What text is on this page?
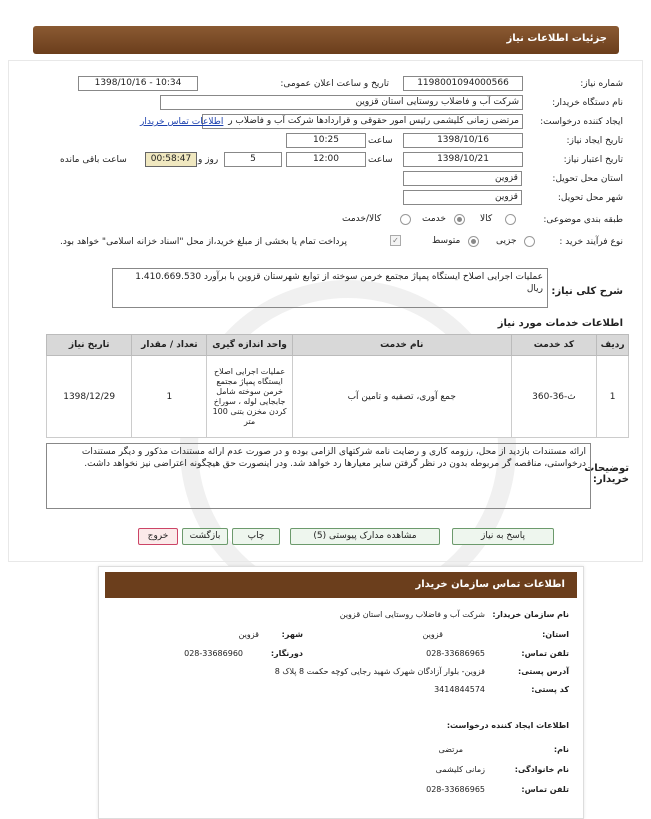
جزئیات اطلاعات نیاز
شماره نیاز:
1198001094000566
تاریخ و ساعت اعلان عمومی:
1398/10/16 - 10:34
نام دستگاه خریدار:
شرکت آب و فاضلاب روستایی استان قزوین
ایجاد کننده درخواست:
مرتضی زمانی کلیشمی رئیس امور حقوقی و قراردادها شرکت آب و فاضلاب ر
اطلاعات تماس خریدار
تاریخ ایجاد نیاز:
1398/10/16
ساعت
10:25
تاریخ اعتبار نیاز:
1398/10/21
ساعت
12:00
5
روز و
00:58:47
ساعت باقی مانده
استان محل تحویل:
قزوین
شهر محل تحویل:
قزوین
طبقه بندی موضوعی:
کالا
خدمت
کالا/خدمت
نوع فرآیند خرید :
جزیی
متوسط
✓
پرداخت تمام یا بخشی از مبلغ خرید،از محل "اسناد خزانه اسلامی" خواهد بود.
شرح کلی نیاز:
عملیات اجرایی اصلاح ایستگاه پمپاژ مجتمع خرمن سوخته از توابع شهرستان قزوین با برآورد 1.410.669.530 ریال
اطلاعات خدمات مورد نیاز
ردیف	کد خدمت	نام خدمت	واحد اندازه گیری	تعداد / مقدار	تاریخ نیاز
1	ث-36-360	جمع آوری، تصفیه و تامین آب	عملیات اجرایی اصلاح ایستگاه پمپاژ مجتمع خرمن سوخته شامل جابجایی لوله ، سوراخ کردن مخزن بتنی 100 متر	1	1398/12/29
توضیحات خریدار:
ارائه مستندات بازدید از محل، رزومه کاری و رضایت نامه شرکتهای الزامی بوده و در صورت عدم ارائه مستندات مذکور و دیگر مستندات درخواستی، مناقصه گر مربوطه بدون در نظر گرفتن سایر معیارها رد خواهد شد. ودر اینصورت حق هیچگونه اعتراضی نیز نخواهد داشت.
پاسخ به نیاز
مشاهده مدارک پیوستی (5)
چاپ
بازگشت
خروج
اطلاعات تماس سازمان خریدار
نام سازمان خریدار:
شرکت آب و فاضلاب روستایی استان قزوین
استان:
قزوین
شهر:
قزوین
تلفن تماس:
028-33686965
دورنگار:
028-33686960
آدرس پستی:
قزوین- بلوار آزادگان شهرک شهید رجایی کوچه حکمت 8 پلاک 8
کد پستی:
3414844574
اطلاعات ایجاد کننده درخواست:
نام:
مرتضی
نام خانوادگی:
زمانی کلیشمی
تلفن تماس:
028-33686965
